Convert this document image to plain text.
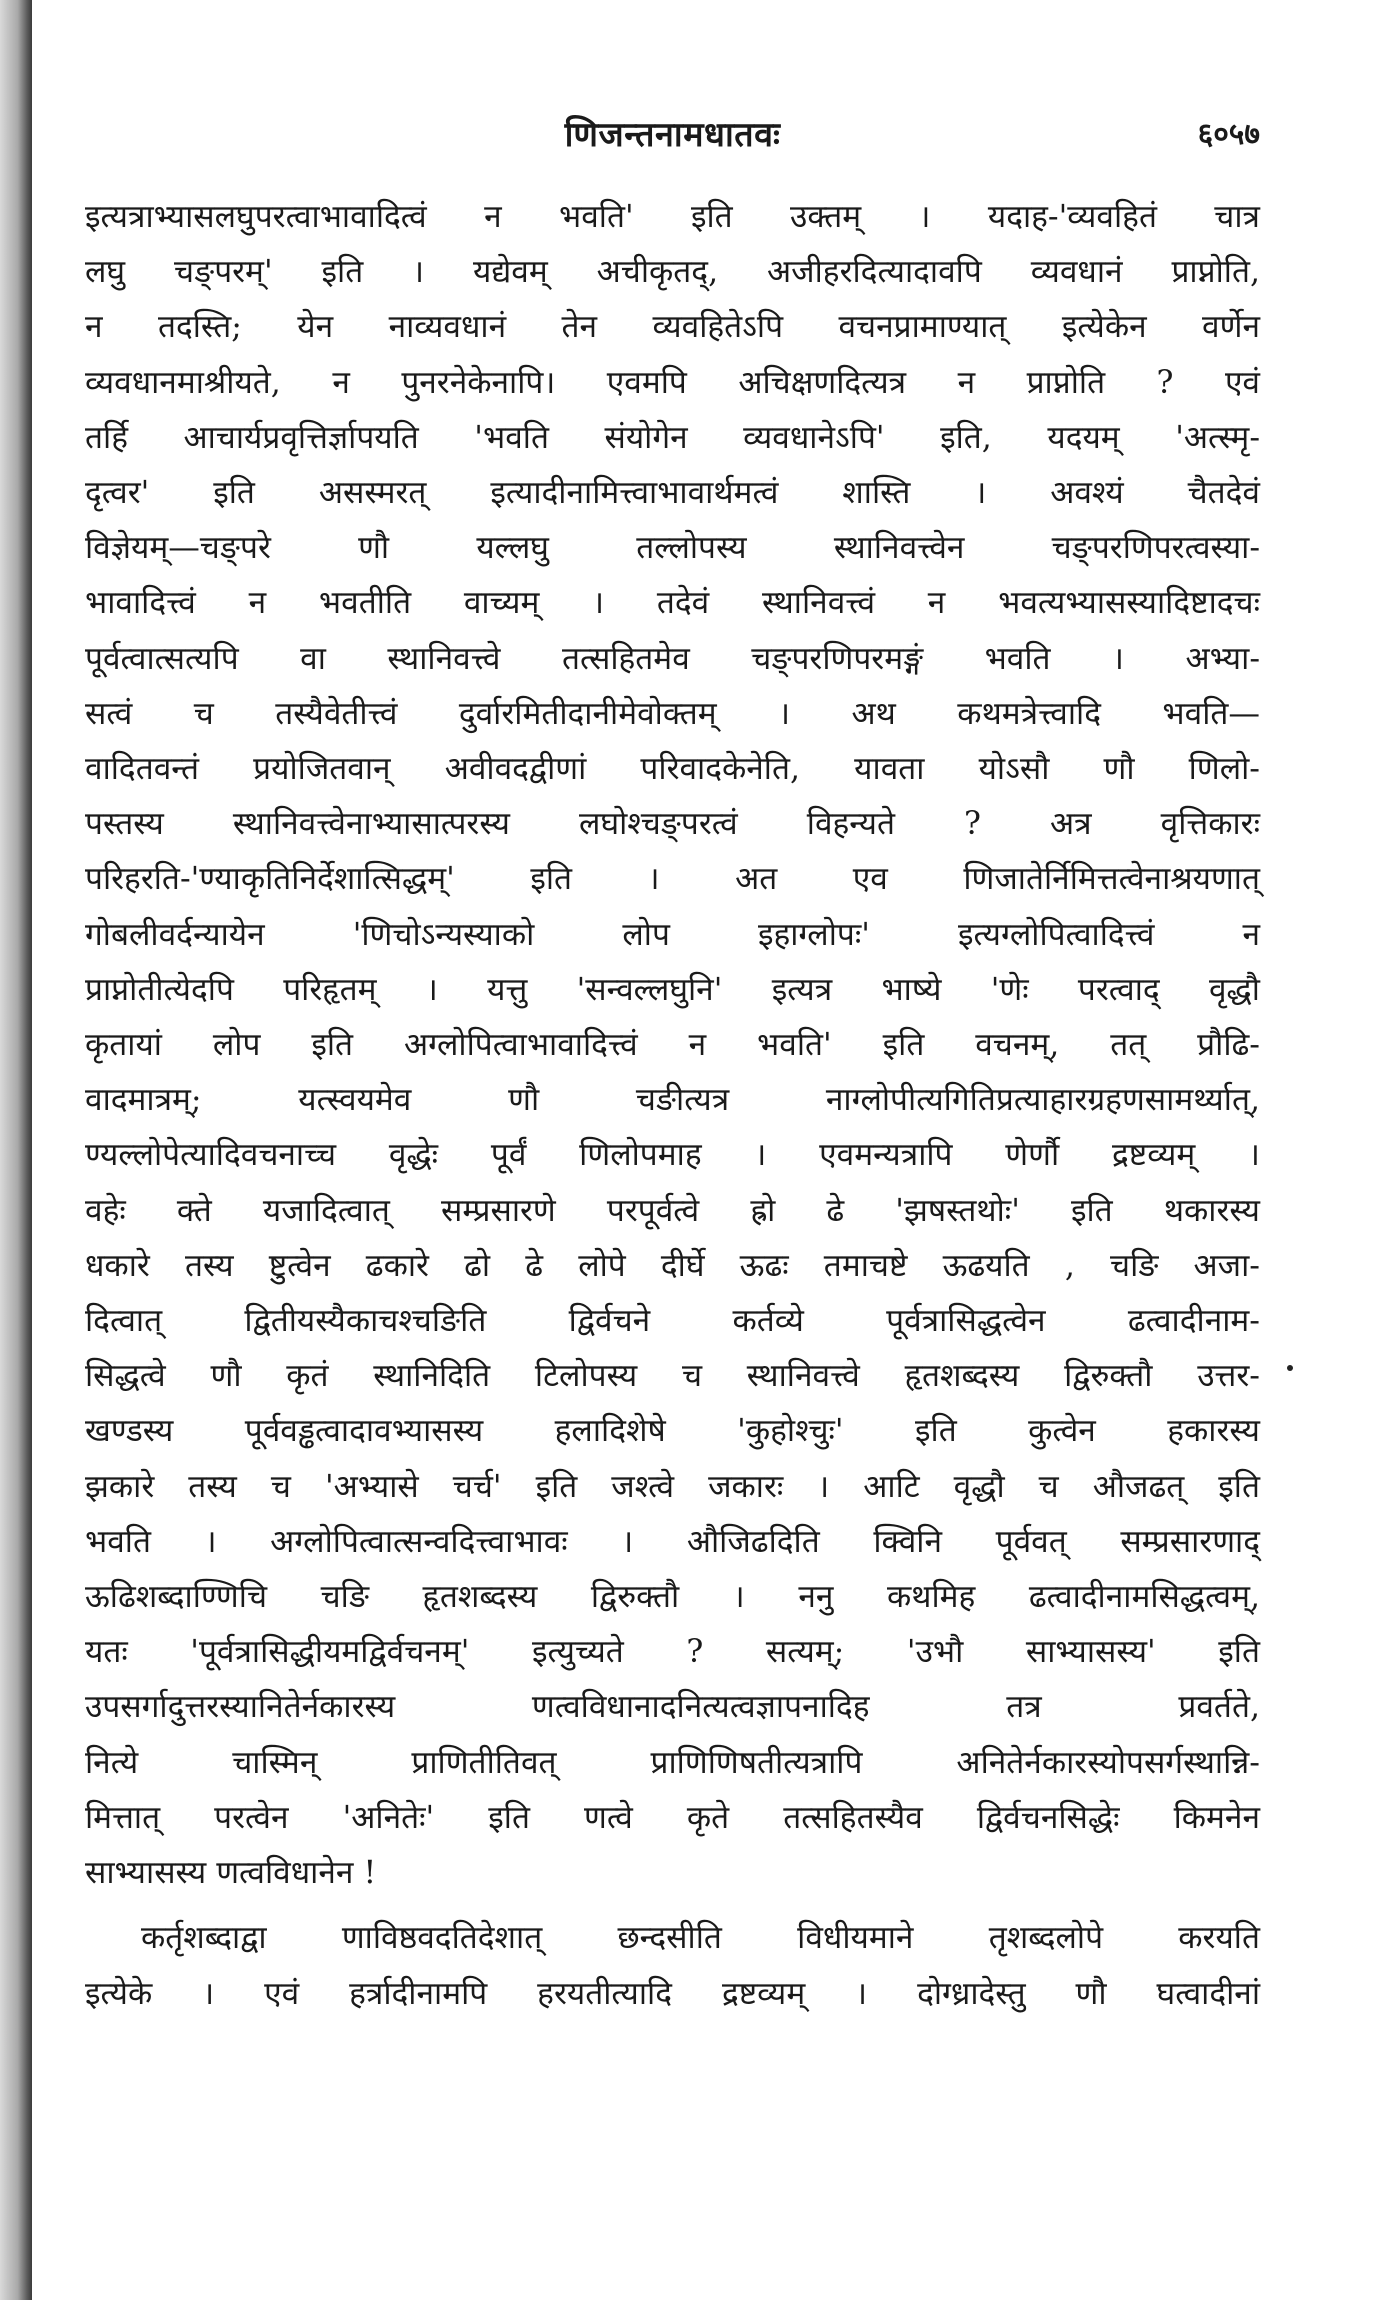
णिजन्तनामधातवः	६०५७

इत्यत्राभ्यासलघुपरत्वाभावादित्वं न भवति' इति उक्तम् । यदाह-'व्यवहितं चात्र

लघु चङ्परम्' इति । यद्येवम् अचीकृतद्, अजीहरदित्यादावपि व्यवधानं प्राप्नोति,

न तदस्ति; येन नाव्यवधानं तेन व्यवहितेऽपि वचनप्रामाण्यात् इत्येकेन वर्णेन

व्यवधानमाश्रीयते, न पुनरनेकेनापि। एवमपि अचिक्षणदित्यत्र न प्राप्नोति ? एवं

तर्हि आचार्यप्रवृत्तिर्ज्ञापयति 'भवति संयोगेन व्यवधानेऽपि' इति, यदयम् 'अत्स्मृ-

दृत्वर' इति असस्मरत् इत्यादीनामित्त्वाभावार्थमत्वं शास्ति । अवश्यं चैतदेवं

विज्ञेयम्—चङ्परे णौ यल्लघु तल्लोपस्य स्थानिवत्त्वेन चङ्परणिपरत्वस्या-

भावादित्त्वं न भवतीति वाच्यम् । तदेवं स्थानिवत्त्वं न भवत्यभ्यासस्यादिष्टादचः

पूर्वत्वात्सत्यपि वा स्थानिवत्त्वे तत्सहितमेव चङ्परणिपरमङ्गं भवति । अभ्या-

सत्वं च तस्यैवेतीत्त्वं दुर्वारमितीदानीमेवोक्तम् । अथ कथमत्रेत्त्वादि भवति—

वादितवन्तं प्रयोजितवान् अवीवदद्वीणां परिवादकेनेति, यावता योऽसौ णौ णिलो-

पस्तस्य स्थानिवत्त्वेनाभ्यासात्परस्य लघोश्चङ्परत्वं विहन्यते ? अत्र वृत्तिकारः

परिहरति-'ण्याकृतिनिर्देशात्सिद्धम्' इति । अत एव णिजातेर्निमित्तत्वेनाश्रयणात्

गोबलीवर्दन्यायेन 'णिचोऽन्यस्याको लोप इहाग्लोपः' इत्यग्लोपित्वादित्त्वं न

प्राप्नोतीत्येदपि परिहृतम् । यत्तु 'सन्वल्लघुनि' इत्यत्र भाष्ये 'णेः परत्वाद् वृद्धौ

कृतायां लोप इति अग्लोपित्वाभावादित्त्वं न भवति' इति वचनम्, तत् प्रौढि-

वादमात्रम्; यत्स्वयमेव णौ चङीत्यत्र नाग्लोपीत्यगितिप्रत्याहारग्रहणसामर्थ्यात्,

ण्यल्लोपेत्यादिवचनाच्च वृद्धेः पूर्वं णिलोपमाह । एवमन्यत्रापि णेर्णौ द्रष्टव्यम् ।

वहेः क्ते यजादित्वात् सम्प्रसारणे परपूर्वत्वे ह्रो ढे 'झषस्तथोः' इति थकारस्य

धकारे तस्य ष्टुत्वेन ढकारे ढो ढे लोपे दीर्घे ऊढः तमाचष्टे ऊढयति , चङि अजा-

दित्वात् द्वितीयस्यैकाचश्चङिति द्विर्वचने कर्तव्ये पूर्वत्रासिद्धत्वेन ढत्वादीनाम-

सिद्धत्वे णौ कृतं स्थानिदिति टिलोपस्य च स्थानिवत्त्वे हृतशब्दस्य द्विरुक्तौ उत्तर-

खण्डस्य पूर्ववड्ढत्वादावभ्यासस्य हलादिशेषे 'कुहोश्चुः' इति कुत्वेन हकारस्य

झकारे तस्य च 'अभ्यासे चर्च' इति जश्त्वे जकारः । आटि वृद्धौ च औजढत् इति

भवति । अग्लोपित्वात्सन्वदित्त्वाभावः । औजिढदिति क्विनि पूर्ववत् सम्प्रसारणाद्

ऊढिशब्दाण्णिचि चङि हृतशब्दस्य द्विरुक्तौ । ननु कथमिह ढत्वादीनामसिद्धत्वम्,

यतः 'पूर्वत्रासिद्धीयमद्विर्वचनम्' इत्युच्यते ? सत्यम्; 'उभौ साभ्यासस्य' इति

उपसर्गादुत्तरस्यानितेर्नकारस्य णत्वविधानादनित्यत्वज्ञापनादिह तत्र प्रवर्तते,

नित्ये चास्मिन् प्राणितीतिवत् प्राणिणिषतीत्यत्रापि अनितेर्नकारस्योपसर्गस्थान्नि-

मित्तात् परत्वेन 'अनितेः' इति णत्वे कृते तत्सहितस्यैव द्विर्वचनसिद्धेः किमनेन

साभ्यासस्य णत्वविधानेन !

कर्तृशब्दाद्वा णाविष्ठवदतिदेशात् छन्दसीति विधीयमाने तृशब्दलोपे करयति

इत्येके । एवं हर्त्रादीनामपि हरयतीत्यादि द्रष्टव्यम् । दोग्ध्रादेस्तु णौ घत्वादीनां
